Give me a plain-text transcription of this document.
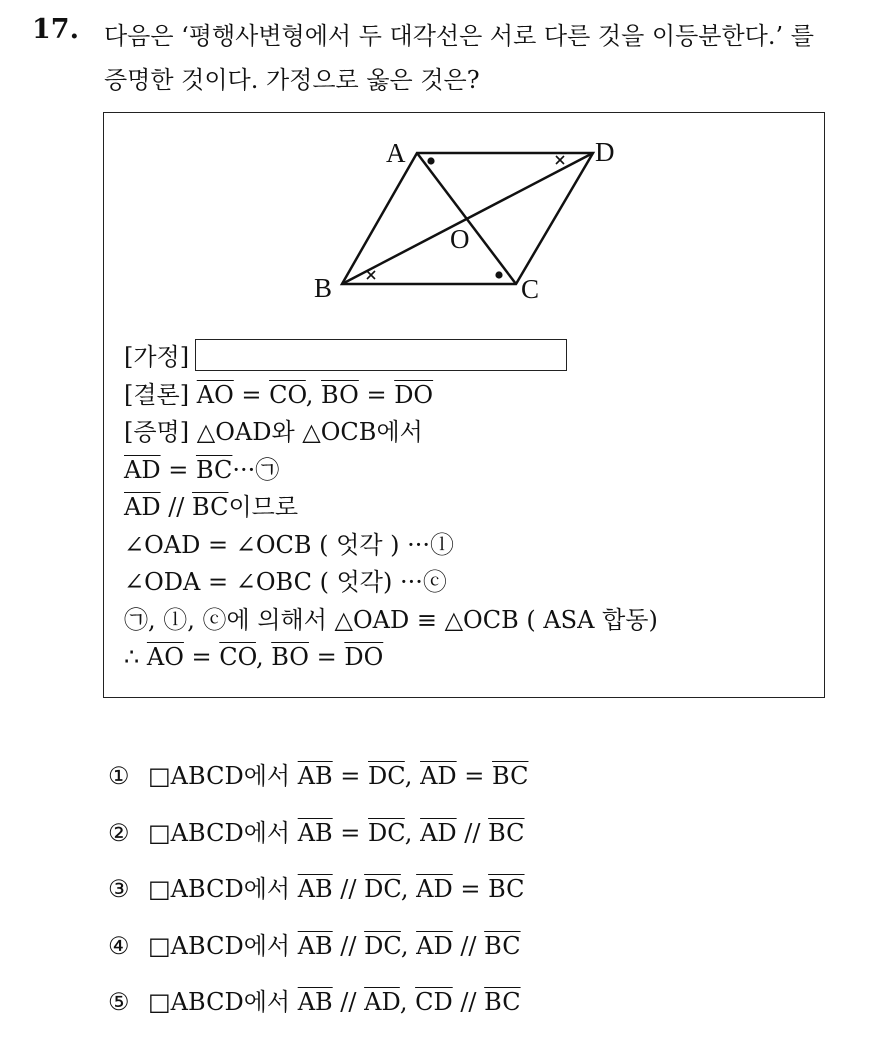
17. 다음은 ‘평행사변형에서 두 대각선은 서로 다른 것을 이등분한다.’ 를
증명한 것이다. 가정으로 옳은 것은?
A	D
O
B	C
[가정]
[결론] $\overline{AO} = \overline{CO}$, $\overline{BO} = \overline{DO}$
[증명] △OAD와 △OCB에서
$\overline{AD}$ = $\overline{BC}\cdot\cdot\cdot㉠$
$\overline{AD} // \overline{BC}$이므로
∠OAD = ∠OCB ( 엇각 ) ···ⓛ
∠ODA = ∠OBC ( 엇각) ···ⓒ
㉠, ⓛ, ⓒ에 의해서 △OAD ≡ △OCB ( ASA 합동)
∴ $\overline{AO} = \overline{CO}$, $\overline{BO} = \overline{DO}$
① □ABCD에서 $\overline{AB} = \overline{DC}$, $\overline{AD} = \overline{BC}$
② □ABCD에서 $\overline{AB} = \overline{DC}$, $\overline{AD} // \overline{BC}$
③ □ABCD에서 $\overline{AB} // \overline{DC}$, $\overline{AD} = \overline{BC}$
④ □ABCD에서 $\overline{AB} // \overline{DC}$, $\overline{AD} // \overline{BC}$
⑤ □ABCD에서 $\overline{AB} // \overline{AD}$, $\overline{CD} // \overline{BC}$
